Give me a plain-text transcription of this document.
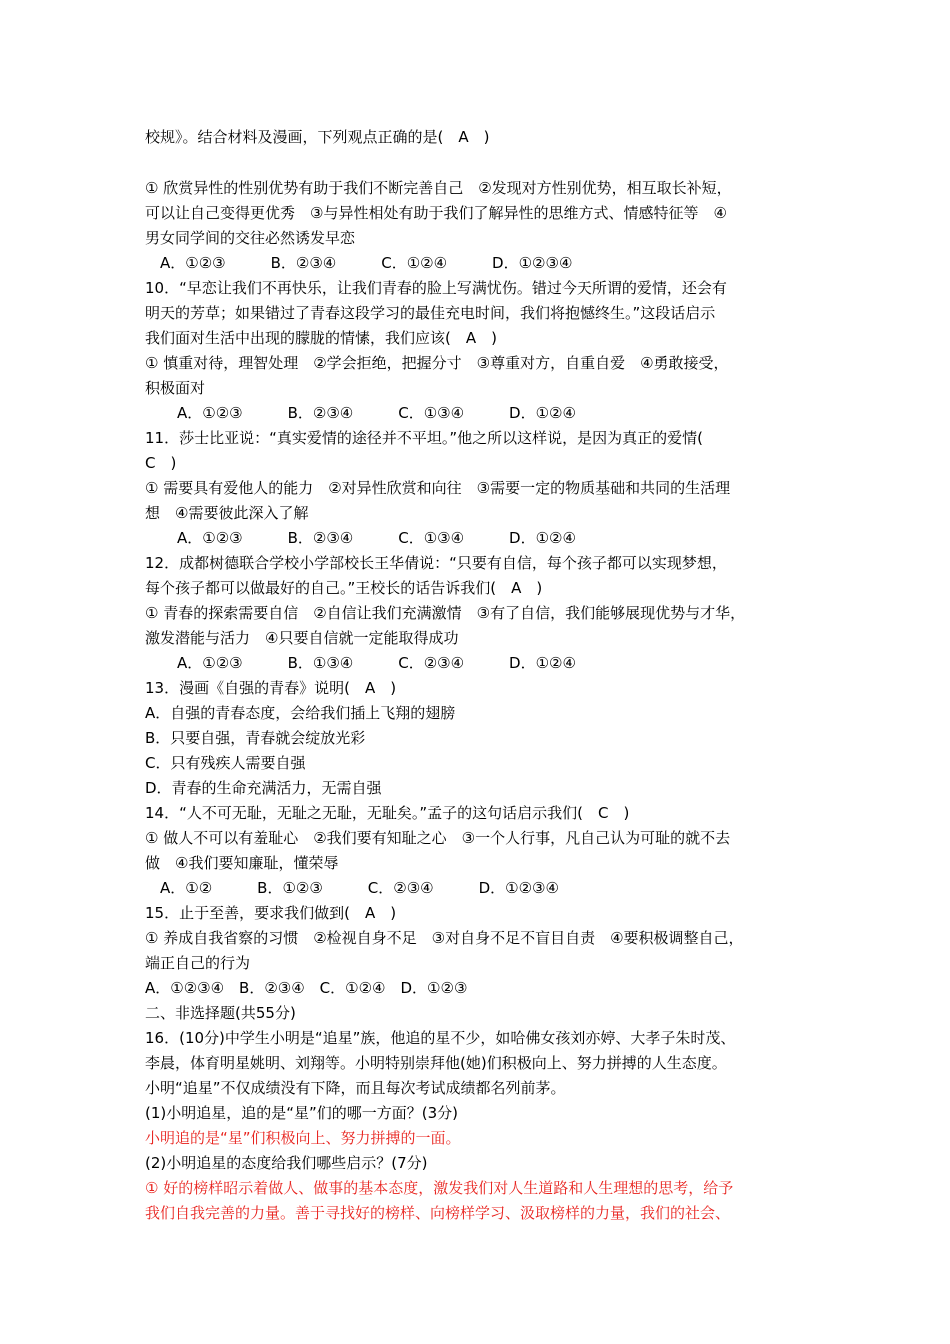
校规》。结合材料及漫画，下列观点正确的是(　A　)
① 欣赏异性的性别优势有助于我们不断完善自己　②发现对方性别优势，相互取长补短，
可以让自己变得更优秀　③与异性相处有助于我们了解异性的思维方式、情感特征等　④
男女同学间的交往必然诱发早恋
A．①②③　　　B．②③④　　　C．①②④　　　D．①②③④
10．“早恋让我们不再快乐，让我们青春的脸上写满忧伤。错过今天所谓的爱情，还会有
明天的芳草；如果错过了青春这段学习的最佳充电时间，我们将抱憾终生。”这段话启示
我们面对生活中出现的朦胧的情愫，我们应该(　A　)
① 慎重对待，理智处理　②学会拒绝，把握分寸　③尊重对方，自重自爱　④勇敢接受，
积极面对
A．①②③　　　B．②③④　　　C．①③④　　　D．①②④
11．莎士比亚说：“真实爱情的途径并不平坦。”他之所以这样说，是因为真正的爱情(
C　)
① 需要具有爱他人的能力　②对异性欣赏和向往　③需要一定的物质基础和共同的生活理
想　④需要彼此深入了解
A．①②③　　　B．②③④　　　C．①③④　　　D．①②④
12．成都树德联合学校小学部校长王华倩说：“只要有自信，每个孩子都可以实现梦想，
每个孩子都可以做最好的自己。”王校长的话告诉我们(　A　)
① 青春的探索需要自信　②自信让我们充满激情　③有了自信，我们能够展现优势与才华，
激发潜能与活力　④只要自信就一定能取得成功
A．①②③　　　B．①③④　　　C．②③④　　　D．①②④
13．漫画《自强的青春》说明(　A　)
A．自强的青春态度，会给我们插上飞翔的翅膀
B．只要自强，青春就会绽放光彩
C．只有残疾人需要自强
D．青春的生命充满活力，无需自强
14．“人不可无耻，无耻之无耻，无耻矣。”孟子的这句话启示我们(　C　)
① 做人不可以有羞耻心　②我们要有知耻之心　③一个人行事，凡自己认为可耻的就不去
做　④我们要知廉耻，懂荣辱
A．①②　　　B．①②③　　　C．②③④　　　D．①②③④
15．止于至善，要求我们做到(　A　)
① 养成自我省察的习惯　②检视自身不足　③对自身不足不盲目自责　④要积极调整自己，
端正自己的行为
A．①②③④　B．②③④　C．①②④　D．①②③
二、非选择题(共55分)
16．(10分)中学生小明是“追星”族，他追的星不少，如哈佛女孩刘亦婷、大孝子朱时茂、
李晨，体育明星姚明、刘翔等。小明特别崇拜他(她)们积极向上、努力拼搏的人生态度。
小明“追星”不仅成绩没有下降，而且每次考试成绩都名列前茅。
(1)小明追星，追的是“星”们的哪一方面？(3分)
小明追的是“星”们积极向上、努力拼搏的一面。
(2)小明追星的态度给我们哪些启示？(7分)
① 好的榜样昭示着做人、做事的基本态度，激发我们对人生道路和人生理想的思考，给予
我们自我完善的力量。善于寻找好的榜样、向榜样学习、汲取榜样的力量，我们的社会、
